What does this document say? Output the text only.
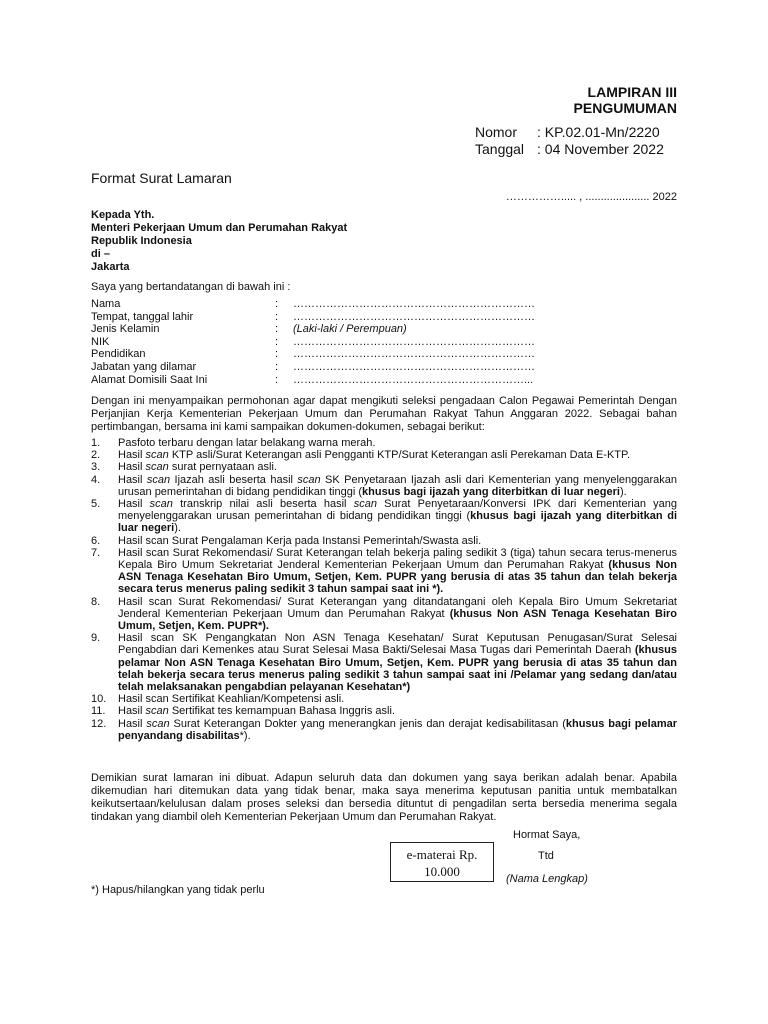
LAMPIRAN III
PENGUMUMAN
Nomor : KP.02.01-Mn/2220
Tanggal : 04 November 2022
Format Surat Lamaran
……………..... , ..................... 2022
Kepada Yth.
Menteri Pekerjaan Umum dan Perumahan Rakyat
Republik Indonesia
di –
Jakarta
Saya yang bertandatangan di bawah ini :
Nama	:	…………………………………………………………
Tempat, tanggal lahir	:	…………………………………………………………
Jenis Kelamin	:	(Laki-laki / Perempuan)
NIK	:	…………………………………………………………
Pendidikan	:	…………………………………………………………
Jabatan yang dilamar	:	…………………………………………………………
Alamat Domisili Saat Ini	:	………………………………………………………...
Dengan ini menyampaikan permohonan agar dapat mengikuti seleksi pengadaan Calon Pegawai Pemerintah Dengan Perjanjian Kerja Kementerian Pekerjaan Umum dan Perumahan Rakyat Tahun Anggaran 2022. Sebagai bahan pertimbangan, bersama ini kami sampaikan dokumen-dokumen, sebagai berikut:
1.	Pasfoto terbaru dengan latar belakang warna merah.
2.	Hasil scan KTP asli/Surat Keterangan asli Pengganti KTP/Surat Keterangan asli Perekaman Data E-KTP.
3.	Hasil scan surat pernyataan asli.
4.	Hasil scan Ijazah asli beserta hasil scan SK Penyetaraan Ijazah asli dari Kementerian yang menyelenggarakan urusan pemerintahan di bidang pendidikan tinggi (khusus bagi ijazah yang diterbitkan di luar negeri).
5.	Hasil scan transkrip nilai asli beserta hasil scan Surat Penyetaraan/Konversi IPK dari Kementerian yang menyelenggarakan urusan pemerintahan di bidang pendidikan tinggi (khusus bagi ijazah yang diterbitkan di luar negeri).
6.	Hasil scan Surat Pengalaman Kerja pada Instansi Pemerintah/Swasta asli.
7.	Hasil scan Surat Rekomendasi/ Surat Keterangan telah bekerja paling sedikit 3 (tiga) tahun secara terus-menerus Kepala Biro Umum Sekretariat Jenderal Kementerian Pekerjaan Umum dan Perumahan Rakyat (khusus Non ASN Tenaga Kesehatan Biro Umum, Setjen, Kem. PUPR yang berusia di atas 35 tahun dan telah bekerja secara terus menerus paling sedikit 3 tahun sampai saat ini *).
8.	Hasil scan Surat Rekomendasi/ Surat Keterangan yang ditandatangani oleh Kepala Biro Umum Sekretariat Jenderal Kementerian Pekerjaan Umum dan Perumahan Rakyat (khusus Non ASN Tenaga Kesehatan Biro Umum, Setjen, Kem. PUPR*).
9.	Hasil scan SK Pengangkatan Non ASN Tenaga Kesehatan/ Surat Keputusan Penugasan/Surat Selesai Pengabdian dari Kemenkes atau Surat Selesai Masa Bakti/Selesai Masa Tugas dari Pemerintah Daerah (khusus pelamar Non ASN Tenaga Kesehatan Biro Umum, Setjen, Kem. PUPR yang berusia di atas 35 tahun dan telah bekerja secara terus menerus paling sedikit 3 tahun sampai saat ini /Pelamar yang sedang dan/atau telah melaksanakan pengabdian pelayanan Kesehatan*)
10.	Hasil scan Sertifikat Keahlian/Kompetensi asli.
11.	Hasil scan Sertifikat tes kemampuan Bahasa Inggris asli.
12.	Hasil scan Surat Keterangan Dokter yang menerangkan jenis dan derajat kedisabilitasan (khusus bagi pelamar penyandang disabilitas*).
Demikian surat lamaran ini dibuat. Adapun seluruh data dan dokumen yang saya berikan adalah benar. Apabila dikemudian hari ditemukan data yang tidak benar, maka saya menerima keputusan panitia untuk membatalkan keikutsertaan/kelulusan dalam proses seleksi dan bersedia dituntut di pengadilan serta bersedia menerima segala tindakan yang diambil oleh Kementerian Pekerjaan Umum dan Perumahan Rakyat.
Hormat Saya,
Ttd
(Nama Lengkap)
e-materai Rp.
10.000
*) Hapus/hilangkan yang tidak perlu
